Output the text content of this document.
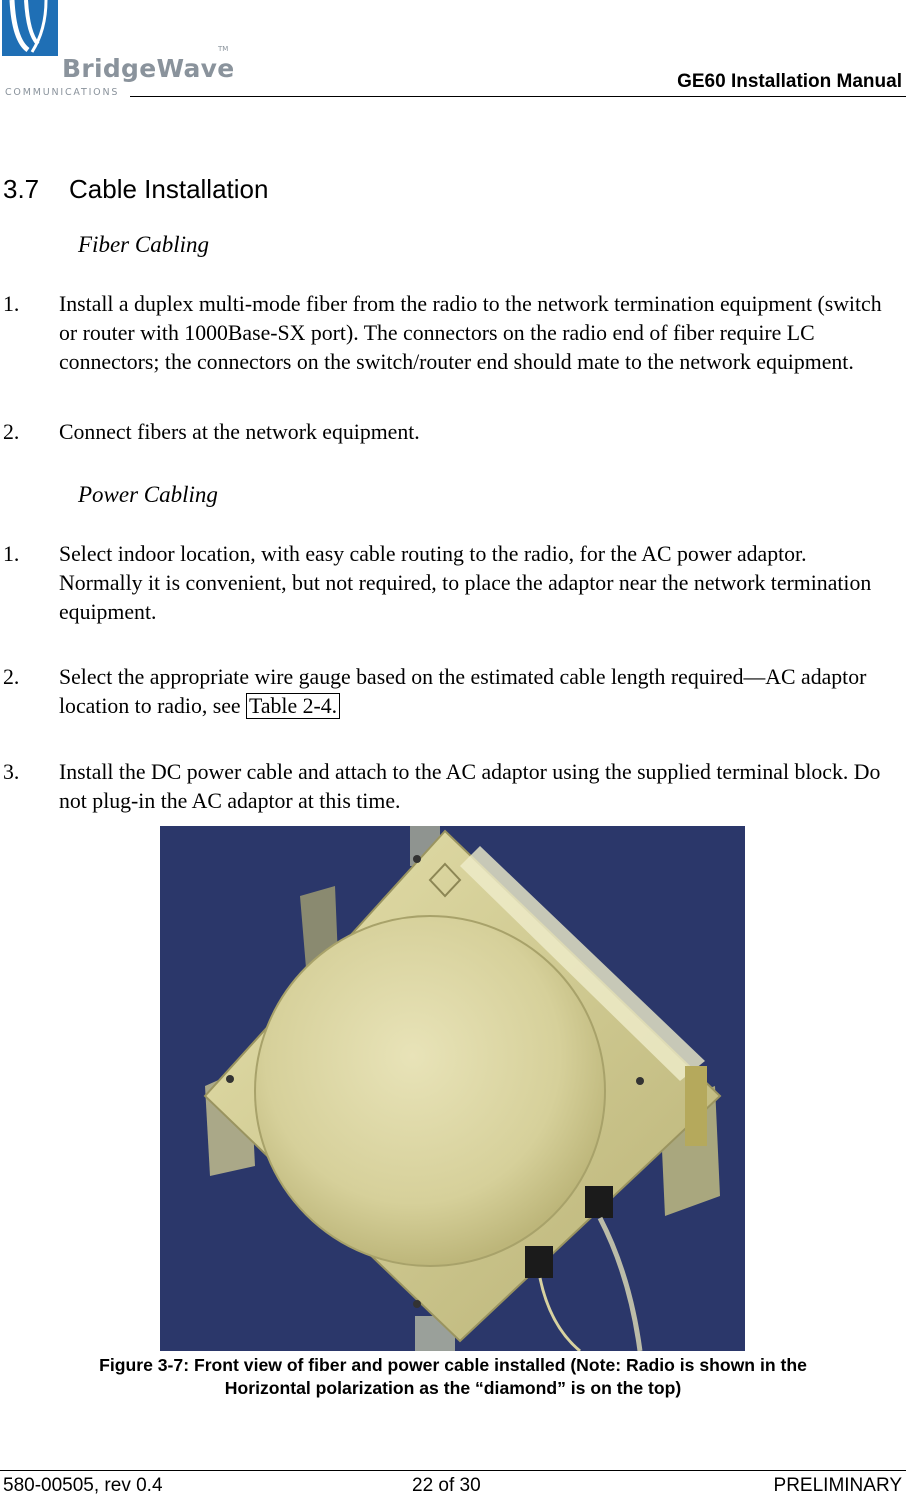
BridgeWave
TM
COMMUNICATIONS
GE60 Installation Manual
3.7 Cable Installation
Fiber Cabling
1. Install a duplex multi-mode fiber from the radio to the network termination equipment (switch or router with 1000Base-SX port). The connectors on the radio end of fiber require LC connectors; the connectors on the switch/router end should mate to the network equipment.
2. Connect fibers at the network equipment.
Power Cabling
1. Select indoor location, with easy cable routing to the radio, for the AC power adaptor. Normally it is convenient, but not required, to place the adaptor near the network termination equipment.
2. Select the appropriate wire gauge based on the estimated cable length required—AC adaptor location to radio, see Table 2-4.
3. Install the DC power cable and attach to the AC adaptor using the supplied terminal block. Do not plug-in the AC adaptor at this time.
Figure 3-7: Front view of fiber and power cable installed (Note: Radio is shown in the
Horizontal polarization as the “diamond” is on the top)
580-00505, rev 0.4	22 of 30	PRELIMINARY
